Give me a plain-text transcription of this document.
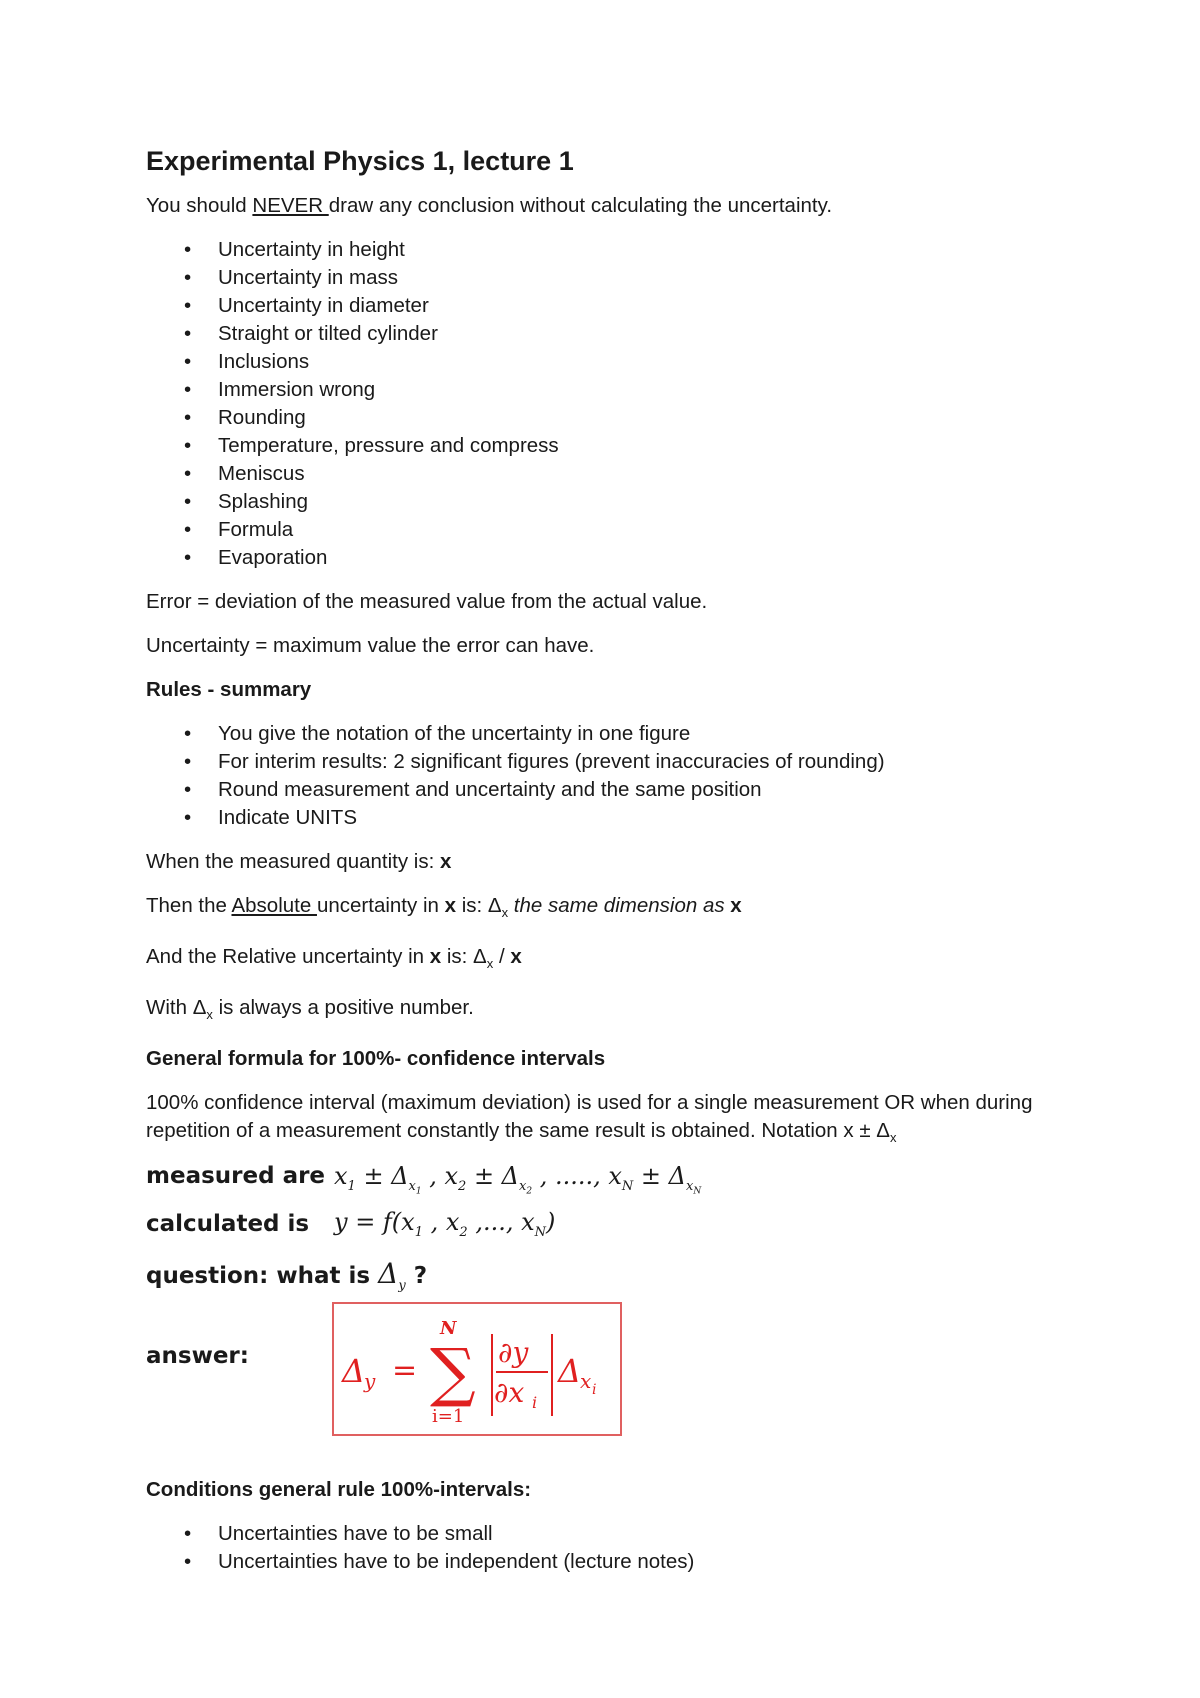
Experimental Physics 1, lecture 1

You should NEVER draw any conclusion without calculating the uncertainty.

• Uncertainty in height
• Uncertainty in mass
• Uncertainty in diameter
• Straight or tilted cylinder
• Inclusions
• Immersion wrong
• Rounding
• Temperature, pressure and compress
• Meniscus
• Splashing
• Formula
• Evaporation

Error = deviation of the measured value from the actual value.

Uncertainty = maximum value the error can have.

Rules - summary

• You give the notation of the uncertainty in one figure
• For interim results: 2 significant figures (prevent inaccuracies of rounding)
• Round measurement and uncertainty and the same position
• Indicate UNITS

When the measured quantity is: x

Then the Absolute uncertainty in x is: $\Delta_x$ the same dimension as x

And the Relative uncertainty in x is: $\Delta_x$ / x

With $\Delta_x$ is always a positive number.

General formula for 100%- confidence intervals

100% confidence interval (maximum deviation) is used for a single measurement OR when during repetition of a measurement constantly the same result is obtained. Notation $x \pm \Delta_x$

measured are $x_1 \pm \Delta_{x_1}$ , $x_2 \pm \Delta_{x_2}$ , ....., $x_N \pm \Delta_{x_N}$
calculated is $y = f(x_1$ , $x_2$ ,..., $x_N$)
question: what is $\Delta_y$ ?
answer:	Δ
y = ∑
N
i=1
∂y
∂x i
Δ
x i

Conditions general rule 100%-intervals:

• Uncertainties have to be small
• Uncertainties have to be independent (lecture notes)
